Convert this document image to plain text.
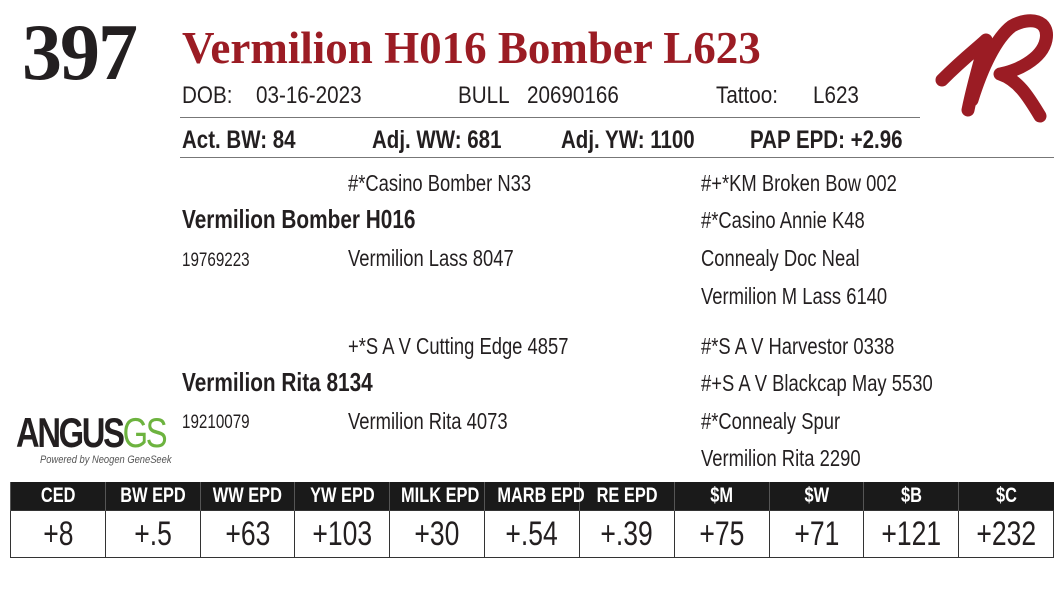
397 Vermilion H016 Bomber L623
DOB: 03-16-2023	BULL 20690166	Tattoo: L623
Act. BW: 84	Adj. WW: 681 Adj. YW: 1100 PAP EPD: +2.96
#*Casino Bomber N33
Vermilion Bomber H016
19769223	Vermilion Lass 8047
#+*KM Broken Bow 002
#*Casino Annie K48
Connealy Doc Neal
Vermilion M Lass 6140
+*S A V Cutting Edge 4857
Vermilion Rita 8134
19210079	Vermilion Rita 4073
#*S A V Harvestor 0338
#+S A V Blackcap May 5530
#*Connealy Spur
Vermilion Rita 2290
ANGUSGS
Powered by Neogen GeneSeek
CED	BW EPD	WW EPD	YW EPD	MILK EPD	MARB EPD	RE EPD	$M	$W	$B	$C
+8	+.5	+63	+103	+30	+.54	+.39	+75	+71	+121	+232
